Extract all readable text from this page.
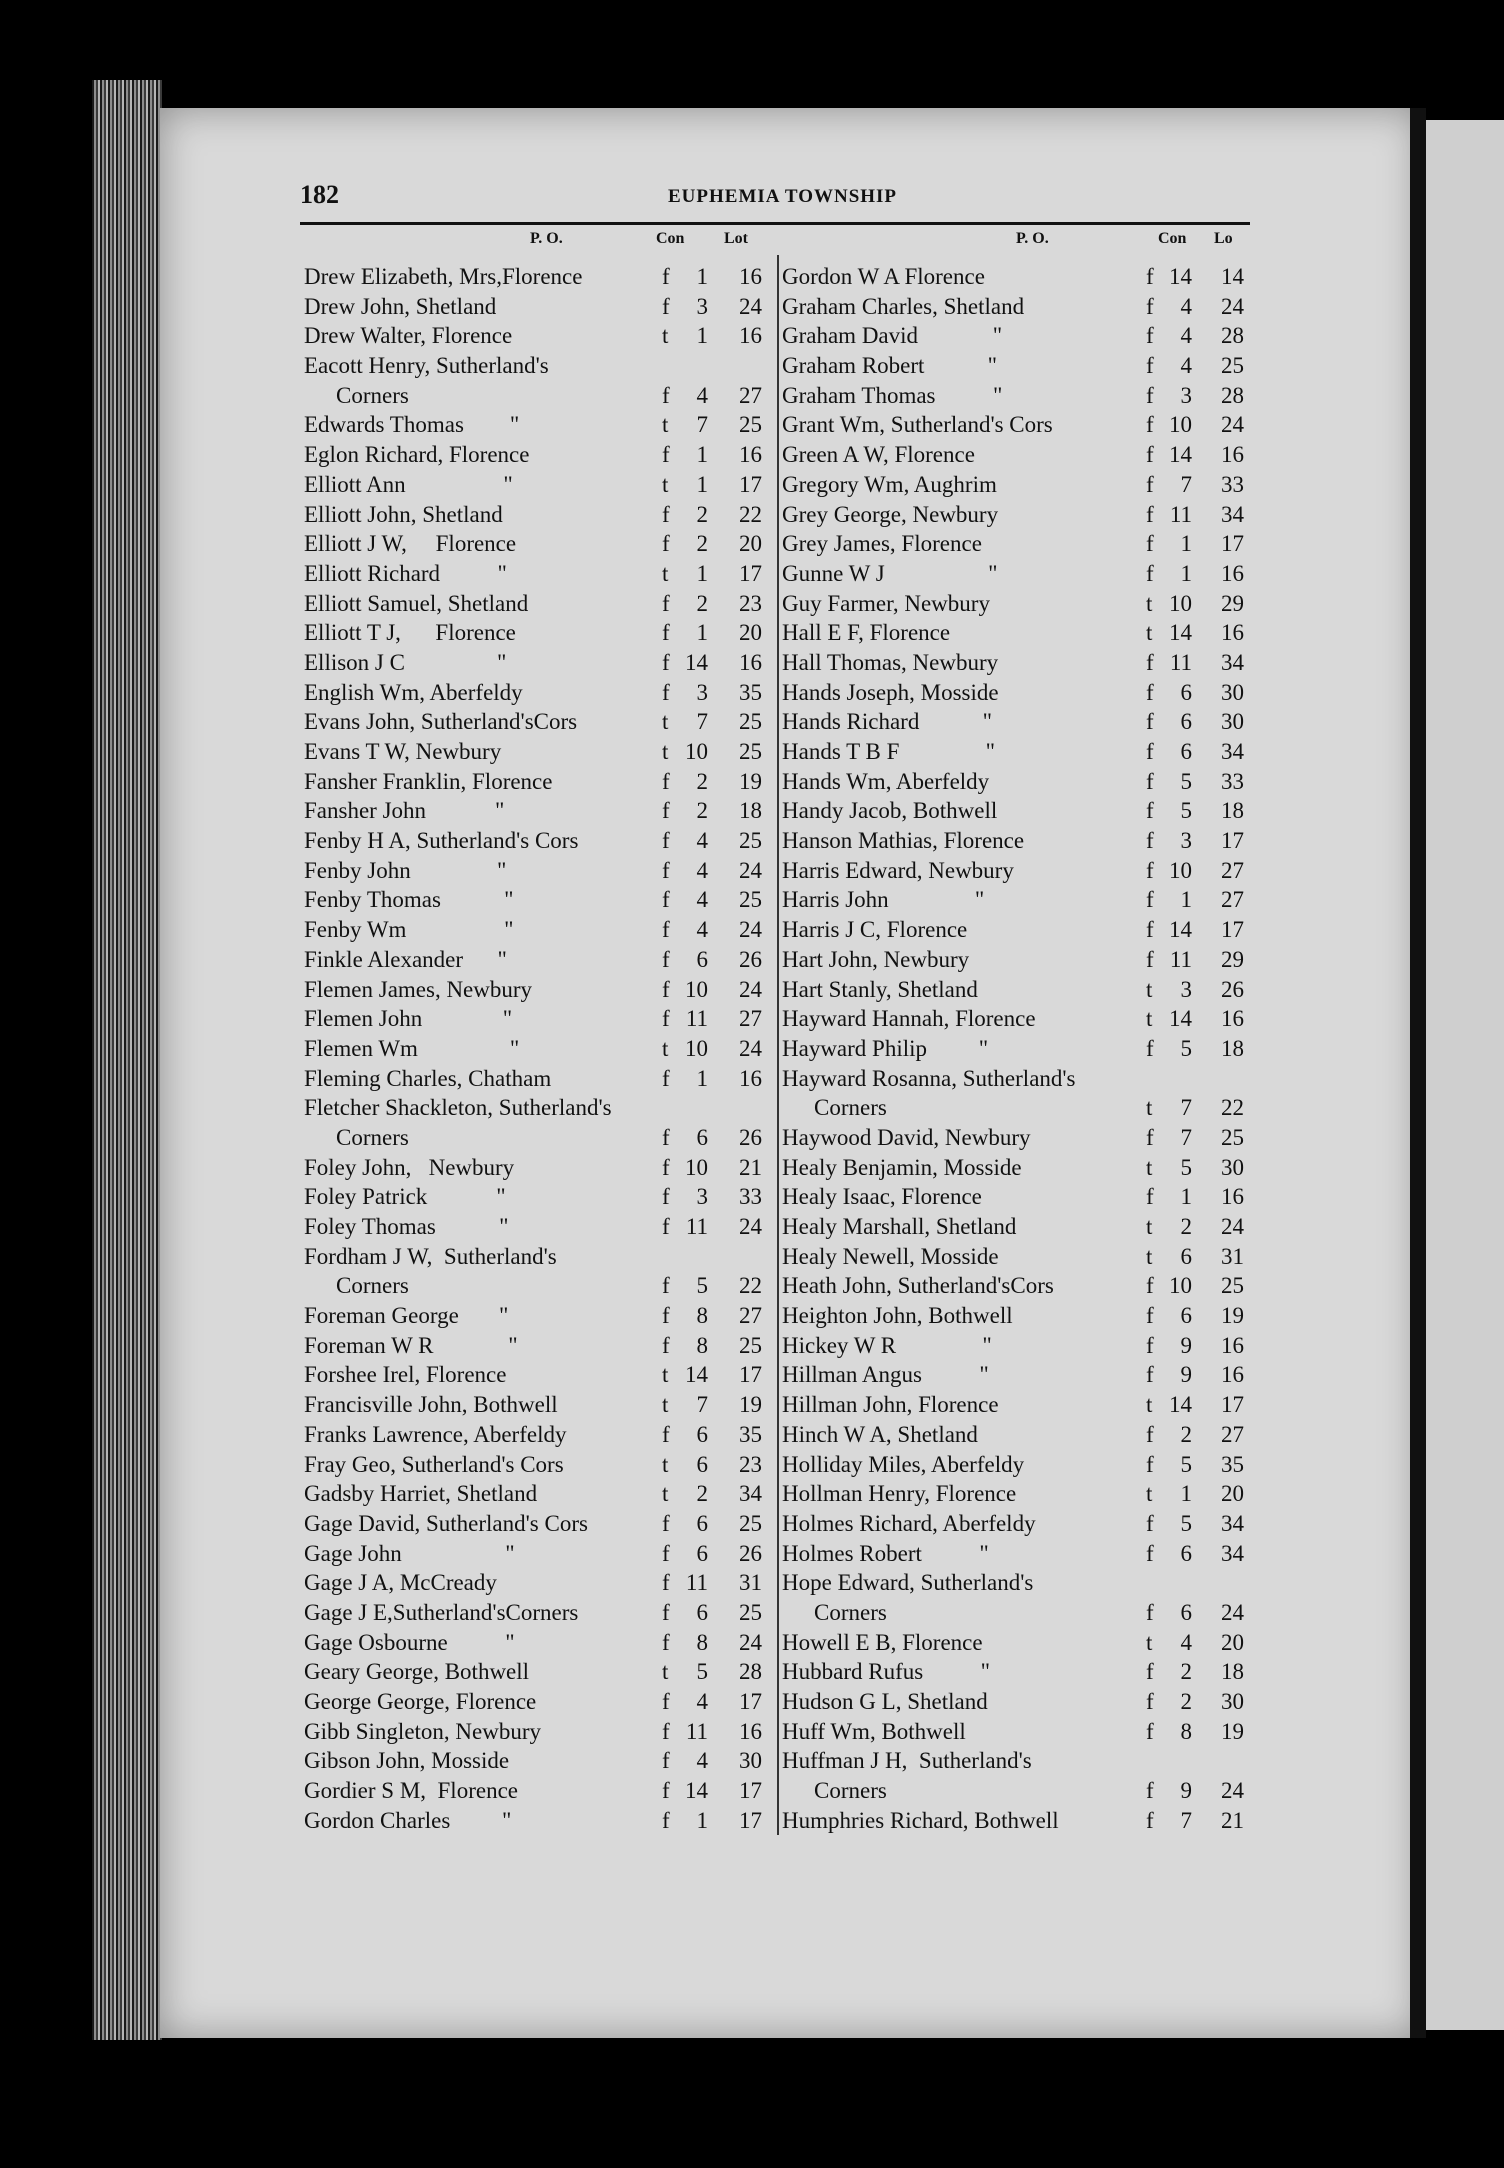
182	EUPHEMIA TOWNSHIP
P. O.	Con Lot	P. O.	Con Lo
Drew Elizabeth, Mrs,Florence	f	1	16
Drew John, Shetland	f	3	24
Drew Walter, Florence	t	1	16
Eacott Henry, Sutherland's
Corners	f	4	27
Edwards Thomas        "	t	7	25
Eglon Richard, Florence	f	1	16
Elliott Ann                 "	t	1	17
Elliott John, Shetland	f	2	22
Elliott J W,     Florence	f	2	20
Elliott Richard          "	t	1	17
Elliott Samuel, Shetland	f	2	23
Elliott T J,      Florence	f	1	20
Ellison J C                "	f 14	16
English Wm, Aberfeldy	f	3	35
Evans John, Sutherland'sCors	t	7	25
Evans T W, Newbury	t 10	25
Fansher Franklin, Florence	f	2	19
Fansher John            "	f	2	18
Fenby H A, Sutherland's Cors	f	4	25
Fenby John               "	f	4	24
Fenby Thomas           "	f	4	25
Fenby Wm                 "	f	4	24
Finkle Alexander      "	f	6	26
Flemen James, Newbury	f 10	24
Flemen John              "	f 11	27
Flemen Wm                "	t 10	24
Fleming Charles, Chatham	f	1	16
Fletcher Shackleton, Sutherland's
Corners	f	6	26
Foley John,   Newbury	f 10	21
Foley Patrick            "	f	3	33
Foley Thomas           "	f 11	24
Fordham J W,  Sutherland's
Corners	f	5	22
Foreman George       "	f	8	27
Foreman W R             "	f	8	25
Forshee Irel, Florence	t 14	17
Francisville John, Bothwell	t	7	19
Franks Lawrence, Aberfeldy	f	6	35
Fray Geo, Sutherland's Cors	t	6	23
Gadsby Harriet, Shetland	t	2	34
Gage David, Sutherland's Cors	f	6	25
Gage John                  "	f	6	26
Gage J A, McCready	f 11	31
Gage J E,Sutherland'sCorners	f	6	25
Gage Osbourne          "	f	8	24
Geary George, Bothwell	t	5	28
George George, Florence	f	4	17
Gibb Singleton, Newbury	f 11	16
Gibson John, Mosside	f	4	30
Gordier S M,  Florence	f 14	17
Gordon Charles         "	f	1	17
Gordon W A Florence	f 14	14
Graham Charles, Shetland	f	4	24
Graham David             "	f	4	28
Graham Robert           "	f	4	25
Graham Thomas          "	f	3	28
Grant Wm, Sutherland's Cors	f 10	24
Green A W, Florence	f 14	16
Gregory Wm, Aughrim	f	7	33
Grey George, Newbury	f 11	34
Grey James, Florence	f	1	17
Gunne W J                  "	f	1	16
Guy Farmer, Newbury	t 10	29
Hall E F, Florence	t 14	16
Hall Thomas, Newbury	f 11	34
Hands Joseph, Mosside	f	6	30
Hands Richard           "	f	6	30
Hands T B F               "	f	6	34
Hands Wm, Aberfeldy	f	5	33
Handy Jacob, Bothwell	f	5	18
Hanson Mathias, Florence	f	3	17
Harris Edward, Newbury	f 10	27
Harris John               "	f	1	27
Harris J C, Florence	f 14	17
Hart John, Newbury	f 11	29
Hart Stanly, Shetland	t	3	26
Hayward Hannah, Florence	t 14	16
Hayward Philip         "	f	5	18
Hayward Rosanna, Sutherland's
Corners	t	7	22
Haywood David, Newbury	f	7	25
Healy Benjamin, Mosside	t	5	30
Healy Isaac, Florence	f	1	16
Healy Marshall, Shetland	t	2	24
Healy Newell, Mosside	t	6	31
Heath John, Sutherland'sCors	f 10	25
Heighton John, Bothwell	f	6	19
Hickey W R               "	f	9	16
Hillman Angus          "	f	9	16
Hillman John, Florence	t 14	17
Hinch W A, Shetland	f	2	27
Holliday Miles, Aberfeldy	f	5	35
Hollman Henry, Florence	t	1	20
Holmes Richard, Aberfeldy	f	5	34
Holmes Robert          "	f	6	34
Hope Edward, Sutherland's
Corners	f	6	24
Howell E B, Florence	t	4	20
Hubbard Rufus          "	f	2	18
Hudson G L, Shetland	f	2	30
Huff Wm, Bothwell	f	8	19
Huffman J H,  Sutherland's
Corners	f	9	24
Humphries Richard, Bothwell	f	7	21
